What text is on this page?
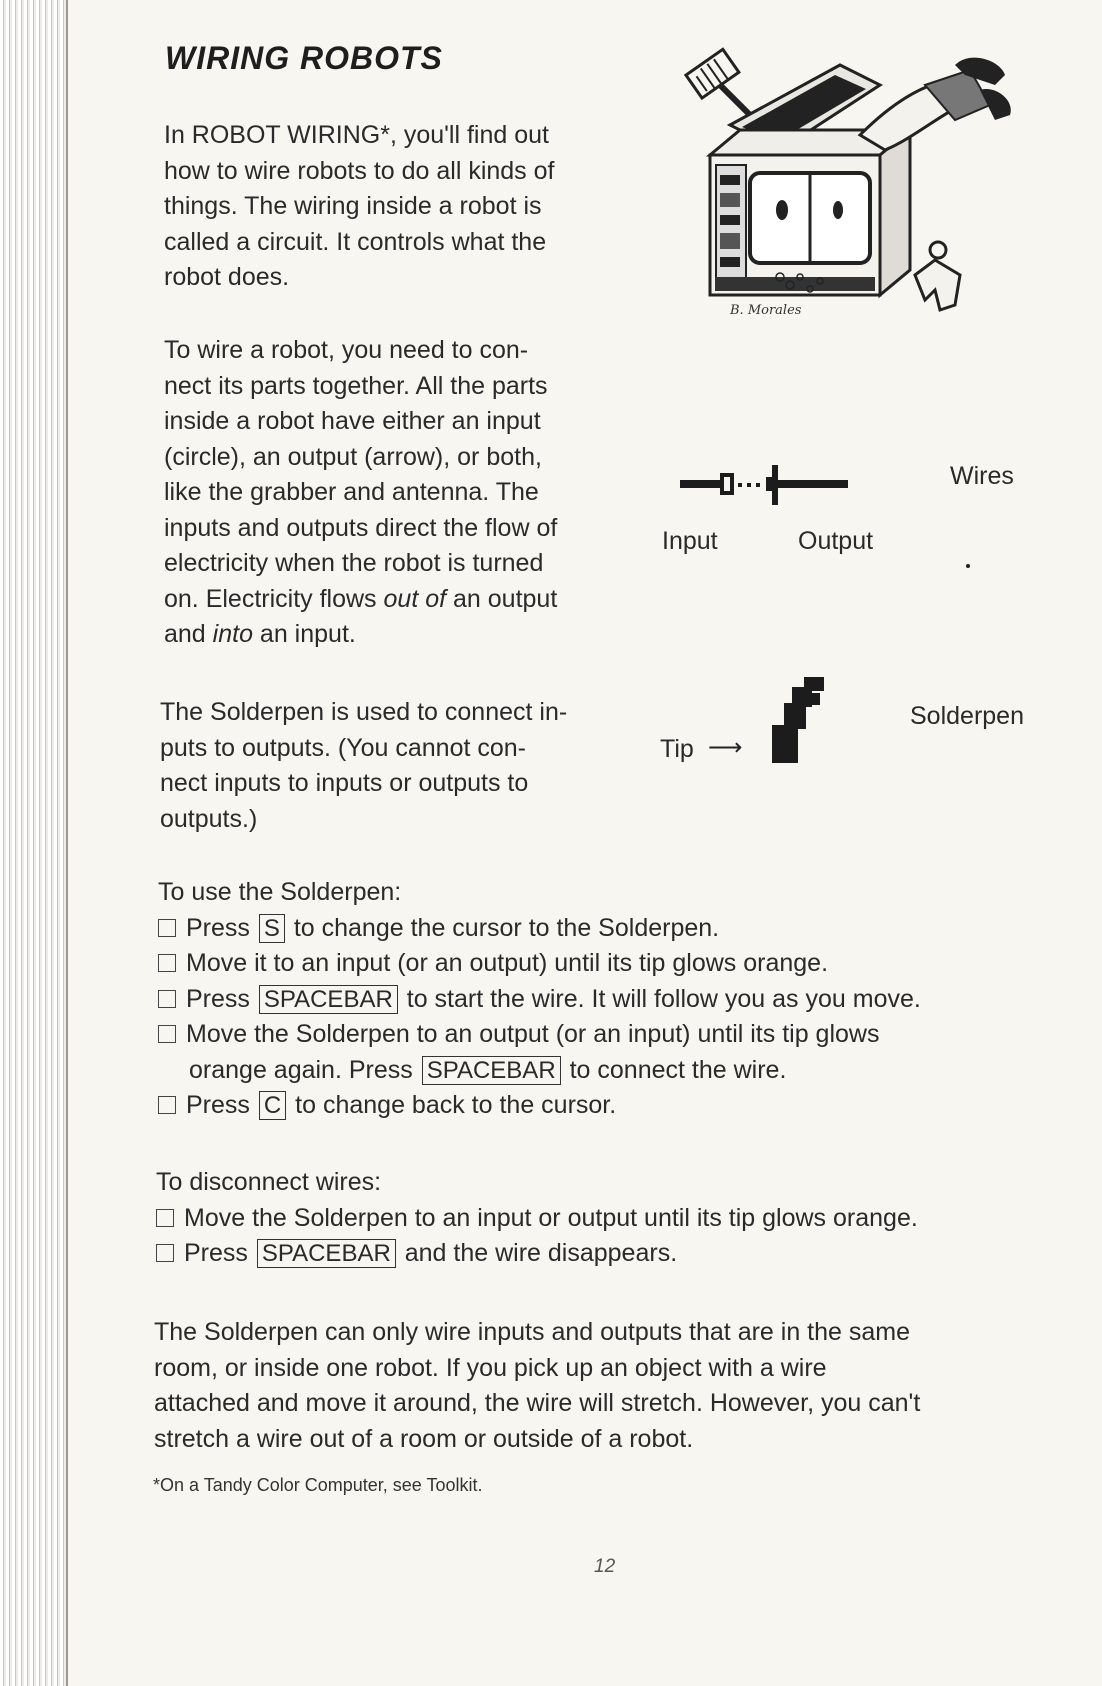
WIRING ROBOTS

In ROBOT WIRING*, you'll find out

how to wire robots to do all kinds of

things. The wiring inside a robot is

called a circuit. It controls what the

robot does.

B. Morales

To wire a robot, you need to con-

nect its parts together. All the parts

inside a robot have either an input

(circle), an output (arrow), or both,

like the grabber and antenna. The

inputs and outputs direct the flow of

electricity when the robot is turned

on. Electricity flows out of an output

and into an input.

Wires
Input	Output

The Solderpen is used to connect in-

puts to outputs. (You cannot con-

nect inputs to inputs or outputs to

outputs.)

Tip ⟶
Solderpen

To use the Solderpen:

Press S to change the cursor to the Solderpen.

Move it to an input (or an output) until its tip glows orange.

Press SPACEBAR to start the wire. It will follow you as you move.

Move the Solderpen to an output (or an input) until its tip glows

orange again. Press SPACEBAR to connect the wire.

Press C to change back to the cursor.

To disconnect wires:

Move the Solderpen to an input or output until its tip glows orange.

Press SPACEBAR and the wire disappears.

The Solderpen can only wire inputs and outputs that are in the same

room, or inside one robot. If you pick up an object with a wire

attached and move it around, the wire will stretch. However, you can't

stretch a wire out of a room or outside of a robot.

*On a Tandy Color Computer, see Toolkit.
12
